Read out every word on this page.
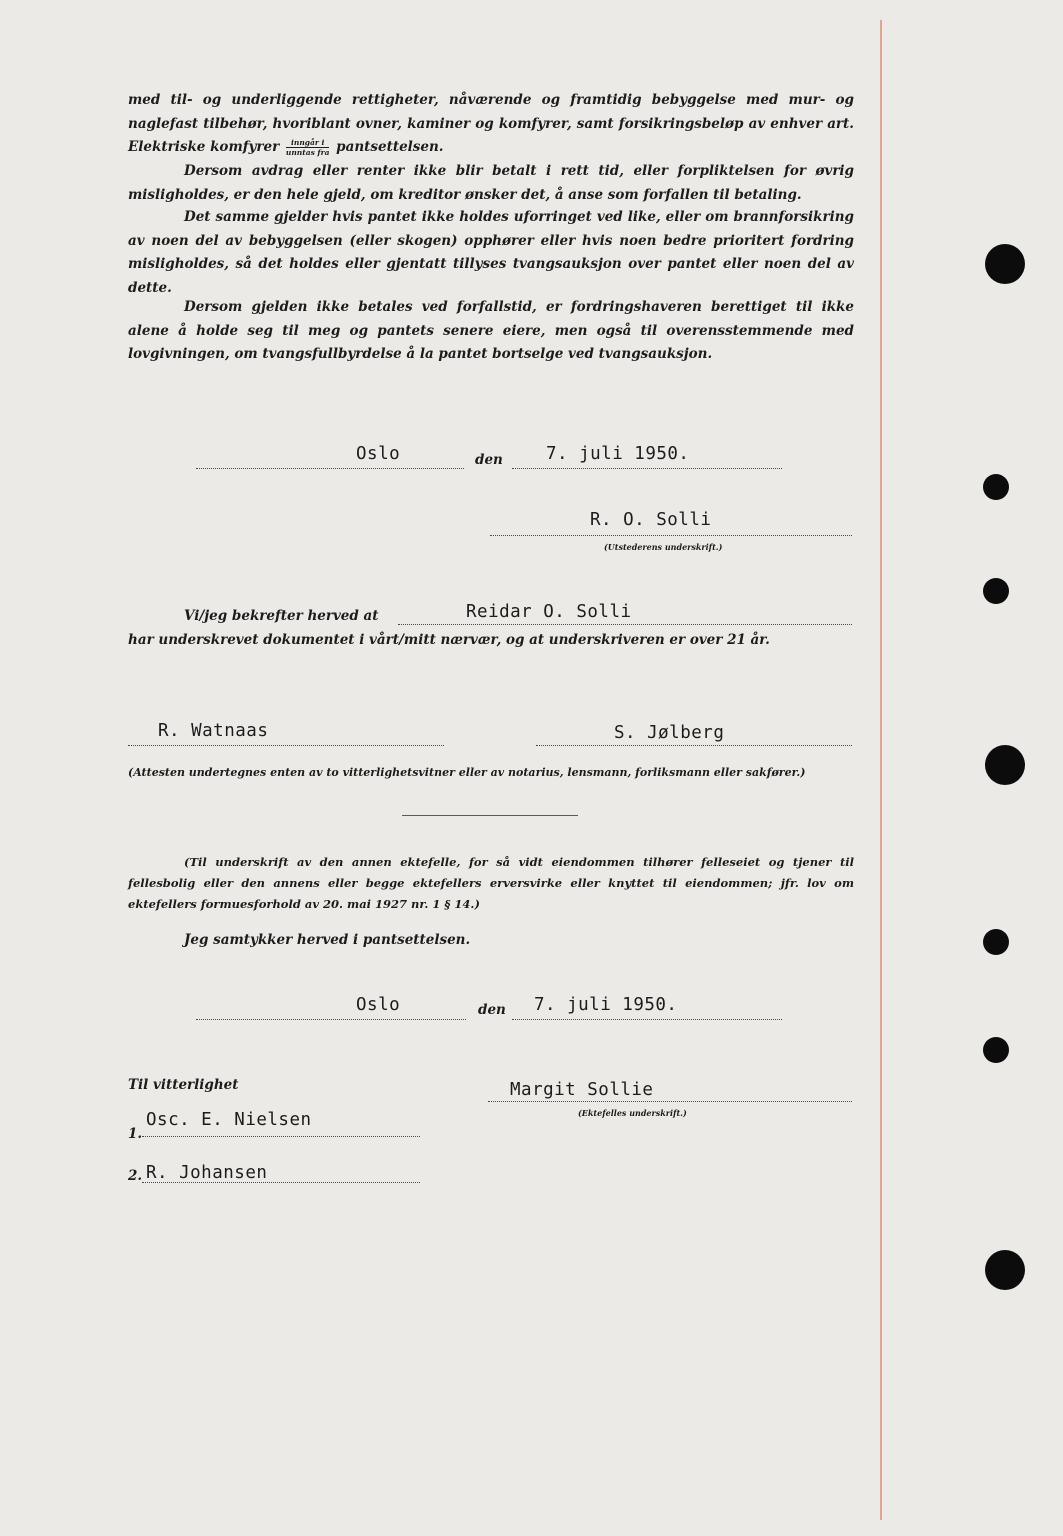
med til- og underliggende rettigheter, nåværende og framtidig bebyggelse med mur- og naglefast tilbehør, hvoriblant ovner, kaminer og komfyrer, samt forsikringsbeløp av enhver art. Elektriske komfyrer $\frac{\text{inngår i}}{\text{unntas fra}}$ pantsettelsen.

Dersom avdrag eller renter ikke blir betalt i rett tid, eller forpliktelsen for øvrig misligholdes, er den hele gjeld, om kreditor ønsker det, å anse som forfallen til betaling.

Det samme gjelder hvis pantet ikke holdes uforringet ved like, eller om brannforsikring av noen del av bebyggelsen (eller skogen) opphører eller hvis noen bedre prioritert fordring misligholdes, så det holdes eller gjentatt tillyses tvangsauksjon over pantet eller noen del av dette.

Dersom gjelden ikke betales ved forfallstid, er fordringshaveren berettiget til ikke alene å holde seg til meg og pantets senere eiere, men også til overensstemmende med lovgivningen, om tvangsfullbyrdelse å la pantet bortselge ved tvangsauksjon.

Oslo	den 7. juli 1950.
R. O. Solli
(Utstederens underskrift.)
Vi/jeg bekrefter herved at	Reidar O. Solli
har underskrevet dokumentet i vårt/mitt nærvær, og at underskriveren er over 21 år.
R. Watnaas	S. Jølberg
(Attesten undertegnes enten av to vitterlighetsvitner eller av notarius, lensmann, forliksmann eller sakfører.)

(Til underskrift av den annen ektefelle, for så vidt eiendommen tilhører felleseiet og tjener til fellesbolig eller den annens eller begge ektefellers erversvirke eller knyttet til eiendommen; jfr. lov om ektefellers formuesforhold av 20. mai 1927 nr. 1 § 14.)

Jeg samtykker herved i pantsettelsen.
Oslo	den 7. juli 1950.
Til vitterlighet	Margit Sollie
(Ektefelles underskrift.)
1.
Osc. E. Nielsen
2. R. Johansen
